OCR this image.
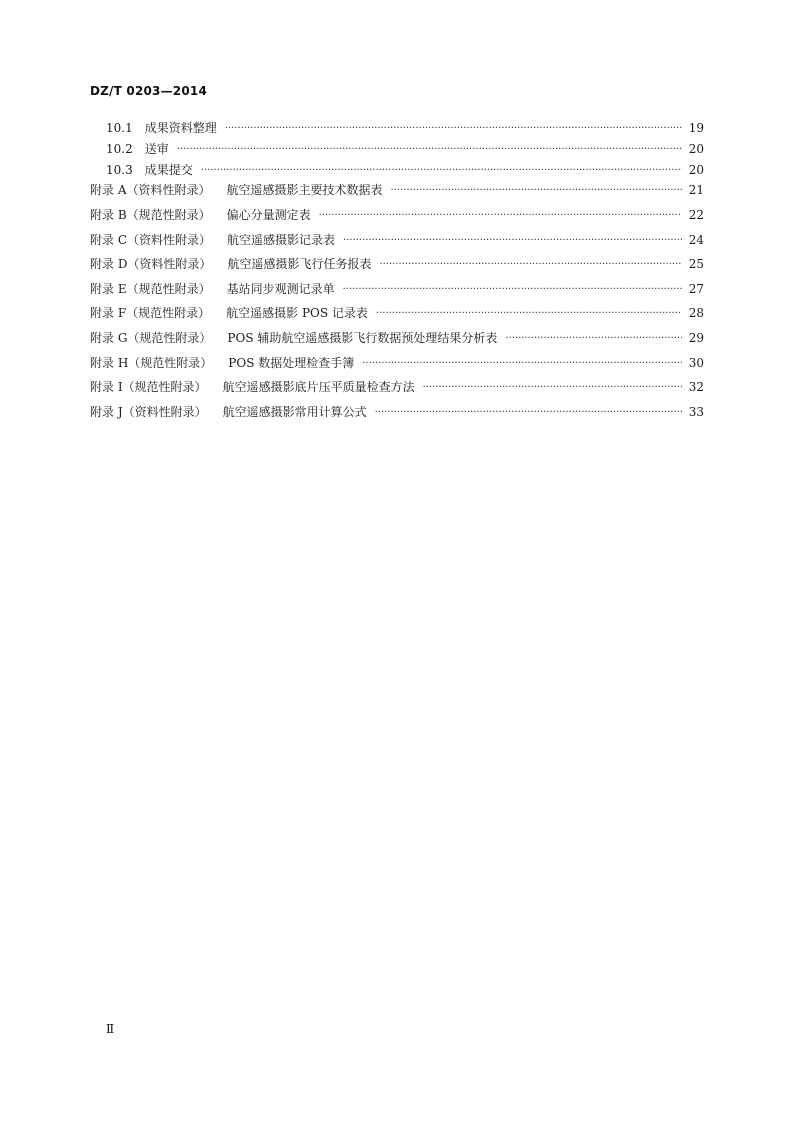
DZ/T 0203—2014
10.1 成果资料整理 ·····	19
10.2 送审 ·····	20
10.3 成果提交 ·····	20
附录 A（资料性附录） 航空遥感摄影主要技术数据表 ·····	21
附录 B（规范性附录） 偏心分量测定表 ·····	22
附录 C（资料性附录） 航空遥感摄影记录表 ·····	24
附录 D（资料性附录） 航空遥感摄影飞行任务报表 ·····	25
附录 E（规范性附录） 基站同步观测记录单 ·····	27
附录 F（规范性附录） 航空遥感摄影 POS 记录表 ·····	28
附录 G（规范性附录） POS 辅助航空遥感摄影飞行数据预处理结果分析表 ·····	29
附录 H（规范性附录） POS 数据处理检查手簿 ·····	30
附录 I（规范性附录） 航空遥感摄影底片压平质量检查方法 ·····	32
附录 J（资料性附录） 航空遥感摄影常用计算公式 ·····	33
Ⅱ
